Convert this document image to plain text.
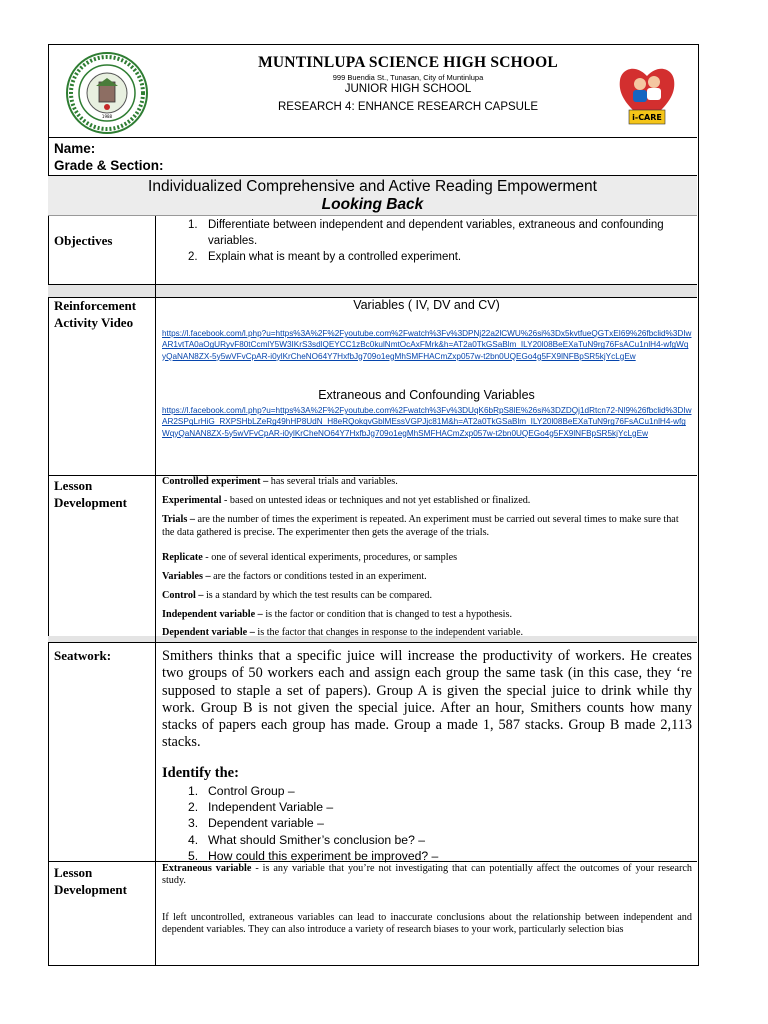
1988
MUNTINLUPA SCIENCE HIGH SCHOOL
999 Buendia St., Tunasan, City of Muntinlupa
JUNIOR HIGH SCHOOL
RESEARCH 4: ENHANCE RESEARCH CAPSULE
i-CARE
Name:
Grade & Section:
Individualized Comprehensive and Active Reading Empowerment
Looking Back
Objectives
1. Differentiate between independent and dependent variables, extraneous and confounding variables.
2. Explain what is meant by a controlled experiment.
Reinforcement Activity Video
Variables ( IV, DV and CV)
https://l.facebook.com/l.php?u=https%3A%2F%2Fyoutube.com%2Fwatch%3Fv%3DPNj22a2lCWU%26si%3Dx5kvtfueQGTxEI69%26fbclid%3DIwAR1vtTA0aOgURyvF80tCcmlY5W3IKrS3sdlQEYCC1zBc0kulNmtOcAxFMrk&h=AT2a0TkGSaBlm_ILY20l08BeEXaTuN9rg76FsACu1nlH4-wfgWqyQaNAN8ZX-5y5wVFvCpAR-i0ylKrCheNO64Y7HxfbJg709o1egMhSMFHACmZxp057w-t2bn0UQEGo4g5FX9lNFBpSR5kjYcLgEw
Extraneous and Confounding Variables
https://l.facebook.com/l.php?u=https%3A%2F%2Fyoutube.com%2Fwatch%3Fv%3DUqK6bRpS8lE%26si%3DZDQj1dRtcn72-Nl9%26fbclid%3DIwAR2SPqLrHiG_RXPSHbLZeRg49hHP8UdN_H8eRQokqvGblMEssVGPJjc81M&h=AT2a0TkGSaBlm_ILY20l08BeEXaTuN9rg76FsACu1nlH4-wfgWqyQaNAN8ZX-5y5wVFvCpAR-i0ylKrCheNO64Y7HxfbJg709o1egMhSMFHACmZxp057w-t2bn0UQEGo4g5FX9lNFBpSR5kjYcLgEw
Lesson Development
Controlled experiment – has several trials and variables.
Experimental - based on untested ideas or techniques and not yet established or finalized.
Trials – are the number of times the experiment is repeated. An experiment must be carried out several times to make sure that the data gathered is precise. The experimenter then gets the average of the trials.
Replicate - one of several identical experiments, procedures, or samples
Variables – are the factors or conditions tested in an experiment.
Control – is a standard by which the test results can be compared.
Independent variable – is the factor or condition that is changed to test a hypothesis.
Dependent variable – is the factor that changes in response to the independent variable.
Seatwork:	Smithers thinks that a specific juice will increase the productivity of workers. He creates two groups of 50 workers each and assign each group the same task (in this case, they ‘re supposed to staple a set of papers). Group A is given the special juice to drink while thy work. Group B is not given the special juice. After an hour, Smithers counts how many stacks of papers each group has made. Group a made 1, 587 stacks. Group B made 2,113 stacks.
Identify the:
1. Control Group –
2. Independent Variable –
3. Dependent variable –
4. What should Smither’s conclusion be? –
5. How could this experiment be improved? –
Lesson Development
Extraneous variable - is any variable that you’re not investigating that can potentially affect the outcomes of your research study.
If left uncontrolled, extraneous variables can lead to inaccurate conclusions about the relationship between independent and dependent variables. They can also introduce a variety of research biases to your work, particularly selection bias
